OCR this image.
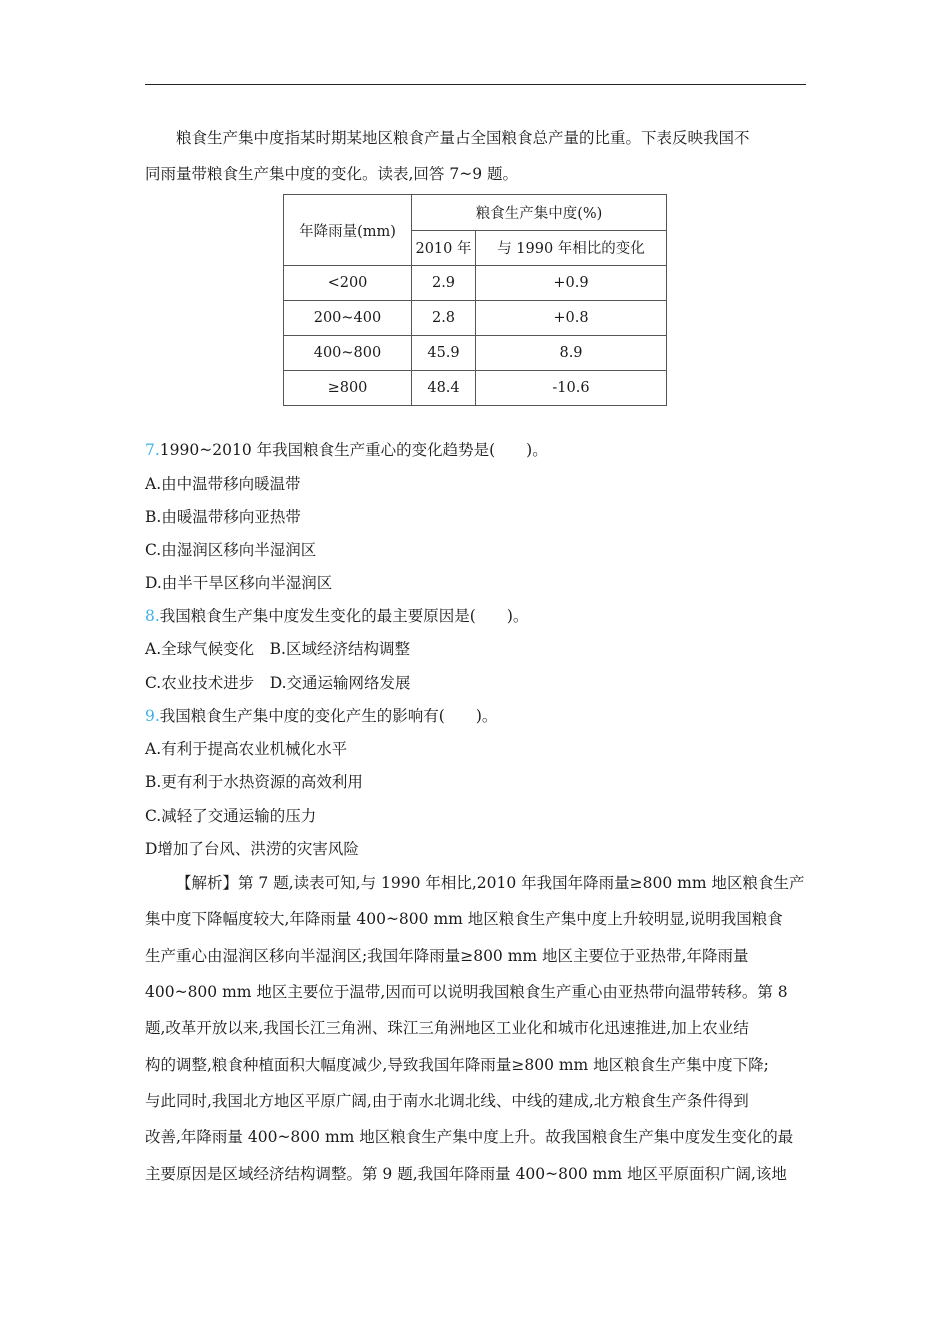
粮食生产集中度指某时期某地区粮食产量占全国粮食总产量的比重。下表反映我国不
同雨量带粮食生产集中度的变化。读表,回答 7~9 题。
年降雨量(mm)	粮食生产集中度(%)	
	2010 年	与 1990 年相比的变化
<200	2.9	+0.9
200~400	2.8	+0.8
400~800	45.9	8.9
≥800	48.4	-10.6
7.1990~2010 年我国粮食生产重心的变化趋势是(　　)。
A.由中温带移向暖温带
B.由暖温带移向亚热带
C.由湿润区移向半湿润区
D.由半干旱区移向半湿润区
8.我国粮食生产集中度发生变化的最主要原因是(　　)。
A.全球气候变化　B.区域经济结构调整
C.农业技术进步　D.交通运输网络发展
9.我国粮食生产集中度的变化产生的影响有(　　)。
A.有利于提高农业机械化水平
B.更有利于水热资源的高效利用
C.减轻了交通运输的压力
D增加了台风、洪涝的灾害风险
【解析】第 7 题,读表可知,与 1990 年相比,2010 年我国年降雨量≥800 mm 地区粮食生产
集中度下降幅度较大,年降雨量 400~800 mm 地区粮食生产集中度上升较明显,说明我国粮食
生产重心由湿润区移向半湿润区;我国年降雨量≥800 mm 地区主要位于亚热带,年降雨量
400~800 mm 地区主要位于温带,因而可以说明我国粮食生产重心由亚热带向温带转移。第 8
题,改革开放以来,我国长江三角洲、珠江三角洲地区工业化和城市化迅速推进,加上农业结
构的调整,粮食种植面积大幅度减少,导致我国年降雨量≥800 mm 地区粮食生产集中度下降;
与此同时,我国北方地区平原广阔,由于南水北调北线、中线的建成,北方粮食生产条件得到
改善,年降雨量 400~800 mm 地区粮食生产集中度上升。故我国粮食生产集中度发生变化的最
主要原因是区域经济结构调整。第 9 题,我国年降雨量 400~800 mm 地区平原面积广阔,该地
